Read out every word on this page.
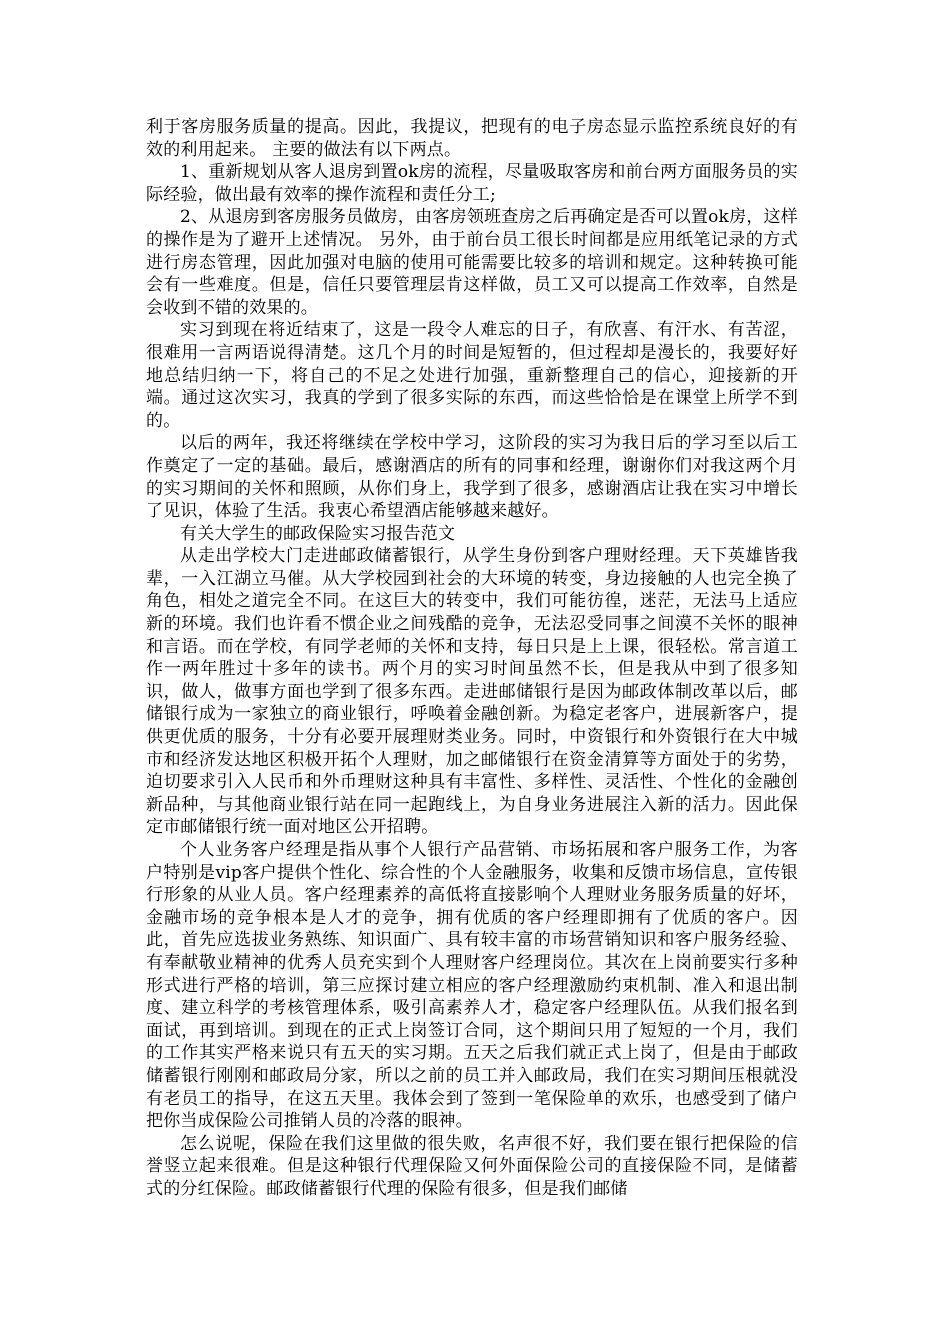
利于客房服务质量的提高。因此，我提议，把现有的电子房态显示监控系统良好的有效的利用起来。 主要的做法有以下两点。

1、重新规划从客人退房到置ok房的流程，尽量吸取客房和前台两方面服务员的实际经验，做出最有效率的操作流程和责任分工;

2、从退房到客房服务员做房，由客房领班查房之后再确定是否可以置ok房，这样的操作是为了避开上述情况。 另外，由于前台员工很长时间都是应用纸笔记录的方式进行房态管理，因此加强对电脑的使用可能需要比较多的培训和规定。这种转换可能会有一些难度。但是，信任只要管理层肯这样做，员工又可以提高工作效率，自然是会收到不错的效果的。

实习到现在将近结束了，这是一段令人难忘的日子，有欣喜、有汗水、有苦涩，很难用一言两语说得清楚。这几个月的时间是短暂的，但过程却是漫长的，我要好好地总结归纳一下，将自己的不足之处进行加强，重新整理自己的信心，迎接新的开端。通过这次实习，我真的学到了很多实际的东西，而这些恰恰是在课堂上所学不到的。

以后的两年，我还将继续在学校中学习，这阶段的实习为我日后的学习至以后工作奠定了一定的基础。最后，感谢酒店的所有的同事和经理，谢谢你们对我这两个月的实习期间的关怀和照顾，从你们身上，我学到了很多，感谢酒店让我在实习中增长了见识，体验了生活。我衷心希望酒店能够越来越好。

有关大学生的邮政保险实习报告范文

从走出学校大门走进邮政储蓄银行，从学生身份到客户理财经理。天下英雄皆我辈，一入江湖立马催。从大学校园到社会的大环境的转变，身边接触的人也完全换了角色，相处之道完全不同。在这巨大的转变中，我们可能彷徨，迷茫，无法马上适应新的环境。我们也许看不惯企业之间残酷的竞争，无法忍受同事之间漠不关怀的眼神和言语。而在学校，有同学老师的关怀和支持，每日只是上上课，很轻松。常言道工作一两年胜过十多年的读书。两个月的实习时间虽然不长，但是我从中到了很多知识，做人，做事方面也学到了很多东西。走进邮储银行是因为邮政体制改革以后，邮储银行成为一家独立的商业银行，呼唤着金融创新。为稳定老客户，进展新客户，提供更优质的服务，十分有必要开展理财类业务。同时，中资银行和外资银行在大中城市和经济发达地区积极开拓个人理财，加之邮储银行在资金清算等方面处于的劣势，迫切要求引入人民币和外币理财这种具有丰富性、多样性、灵活性、个性化的金融创新品种，与其他商业银行站在同一起跑线上，为自身业务进展注入新的活力。因此保定市邮储银行统一面对地区公开招聘。

个人业务客户经理是指从事个人银行产品营销、市场拓展和客户服务工作，为客户特别是vip客户提供个性化、综合性的个人金融服务，收集和反馈市场信息，宣传银行形象的从业人员。客户经理素养的高低将直接影响个人理财业务服务质量的好坏，金融市场的竞争根本是人才的竞争，拥有优质的客户经理即拥有了优质的客户。因此，首先应选拔业务熟练、知识面广、具有较丰富的市场营销知识和客户服务经验、有奉献敬业精神的优秀人员充实到个人理财客户经理岗位。其次在上岗前要实行多种形式进行严格的培训，第三应探讨建立相应的客户经理激励约束机制、准入和退出制度、建立科学的考核管理体系，吸引高素养人才，稳定客户经理队伍。从我们报名到面试，再到培训。到现在的正式上岗签订合同，这个期间只用了短短的一个月，我们的工作其实严格来说只有五天的实习期。五天之后我们就正式上岗了，但是由于邮政储蓄银行刚刚和邮政局分家，所以之前的员工并入邮政局，我们在实习期间压根就没有老员工的指导，在这五天里。我体会到了签到一笔保险单的欢乐，也感受到了储户把你当成保险公司推销人员的冷落的眼神。

怎么说呢，保险在我们这里做的很失败，名声很不好，我们要在银行把保险的信誉竖立起来很难。但是这种银行代理保险又何外面保险公司的直接保险不同，是储蓄式的分红保险。邮政储蓄银行代理的保险有很多，但是我们邮储
